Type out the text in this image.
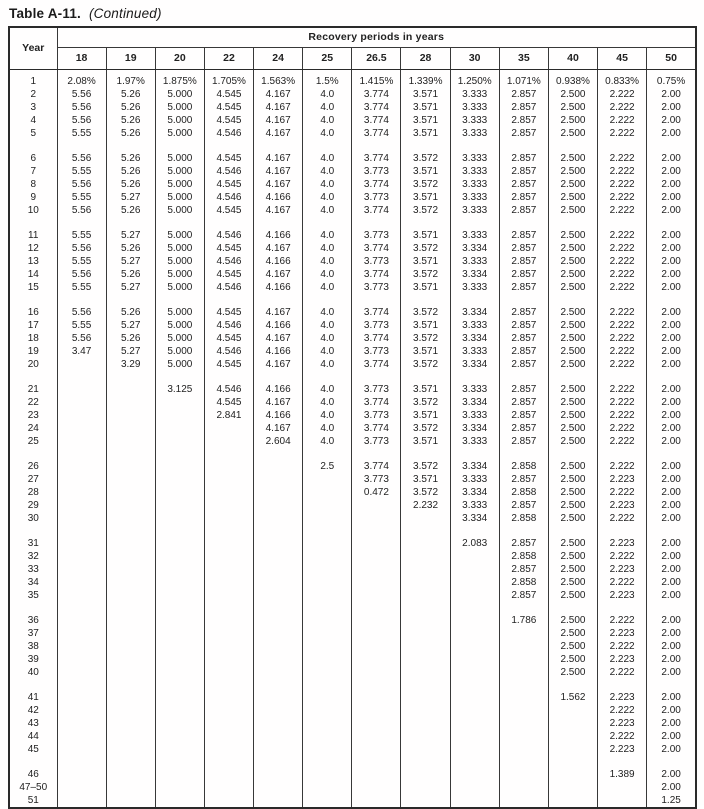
Table A-11. (Continued)
Year	Recovery periods in years												
	18	19	20	22	24	25	26.5	28	30	35	40	45	50
1	2.08%	1.97%	1.875%	1.705%	1.563%	1.5%	1.415%	1.339%	1.250%	1.071%	0.938%	0.833%	0.75%
2	5.56	5.26	5.000	4.545	4.167	4.0	3.774	3.571	3.333	2.857	2.500	2.222	2.00
3	5.56	5.26	5.000	4.545	4.167	4.0	3.774	3.571	3.333	2.857	2.500	2.222	2.00
4	5.56	5.26	5.000	4.545	4.167	4.0	3.774	3.571	3.333	2.857	2.500	2.222	2.00
5	5.55	5.26	5.000	4.546	4.167	4.0	3.774	3.571	3.333	2.857	2.500	2.222	2.00

6	5.56	5.26	5.000	4.545	4.167	4.0	3.774	3.572	3.333	2.857	2.500	2.222	2.00
7	5.55	5.26	5.000	4.546	4.167	4.0	3.773	3.571	3.333	2.857	2.500	2.222	2.00
8	5.56	5.26	5.000	4.545	4.167	4.0	3.774	3.572	3.333	2.857	2.500	2.222	2.00
9	5.55	5.27	5.000	4.546	4.166	4.0	3.773	3.571	3.333	2.857	2.500	2.222	2.00
10	5.56	5.26	5.000	4.545	4.167	4.0	3.774	3.572	3.333	2.857	2.500	2.222	2.00

11	5.55	5.27	5.000	4.546	4.166	4.0	3.773	3.571	3.333	2.857	2.500	2.222	2.00
12	5.56	5.26	5.000	4.545	4.167	4.0	3.774	3.572	3.334	2.857	2.500	2.222	2.00
13	5.55	5.27	5.000	4.546	4.166	4.0	3.773	3.571	3.333	2.857	2.500	2.222	2.00
14	5.56	5.26	5.000	4.545	4.167	4.0	3.774	3.572	3.334	2.857	2.500	2.222	2.00
15	5.55	5.27	5.000	4.546	4.166	4.0	3.773	3.571	3.333	2.857	2.500	2.222	2.00

16	5.56	5.26	5.000	4.545	4.167	4.0	3.774	3.572	3.334	2.857	2.500	2.222	2.00
17	5.55	5.27	5.000	4.546	4.166	4.0	3.773	3.571	3.333	2.857	2.500	2.222	2.00
18	5.56	5.26	5.000	4.545	4.167	4.0	3.774	3.572	3.334	2.857	2.500	2.222	2.00
19	3.47	5.27	5.000	4.546	4.166	4.0	3.773	3.571	3.333	2.857	2.500	2.222	2.00
20		3.29	5.000	4.545	4.167	4.0	3.774	3.572	3.334	2.857	2.500	2.222	2.00

21			3.125	4.546	4.166	4.0	3.773	3.571	3.333	2.857	2.500	2.222	2.00
22				4.545	4.167	4.0	3.774	3.572	3.334	2.857	2.500	2.222	2.00
23				2.841	4.166	4.0	3.773	3.571	3.333	2.857	2.500	2.222	2.00
24					4.167	4.0	3.774	3.572	3.334	2.857	2.500	2.222	2.00
25					2.604	4.0	3.773	3.571	3.333	2.857	2.500	2.222	2.00

26						2.5	3.774	3.572	3.334	2.858	2.500	2.222	2.00
27							3.773	3.571	3.333	2.857	2.500	2.223	2.00
28							0.472	3.572	3.334	2.858	2.500	2.222	2.00
29								2.232	3.333	2.857	2.500	2.223	2.00
30									3.334	2.858	2.500	2.222	2.00

31									2.083	2.857	2.500	2.223	2.00
32										2.858	2.500	2.222	2.00
33										2.857	2.500	2.223	2.00
34										2.858	2.500	2.222	2.00
35										2.857	2.500	2.223	2.00

36										1.786	2.500	2.222	2.00
37											2.500	2.223	2.00
38											2.500	2.222	2.00
39											2.500	2.223	2.00
40											2.500	2.222	2.00

41											1.562	2.223	2.00
42												2.222	2.00
43												2.223	2.00
44												2.222	2.00
45												2.223	2.00

46												1.389	2.00
47–50													2.00
51													1.25
